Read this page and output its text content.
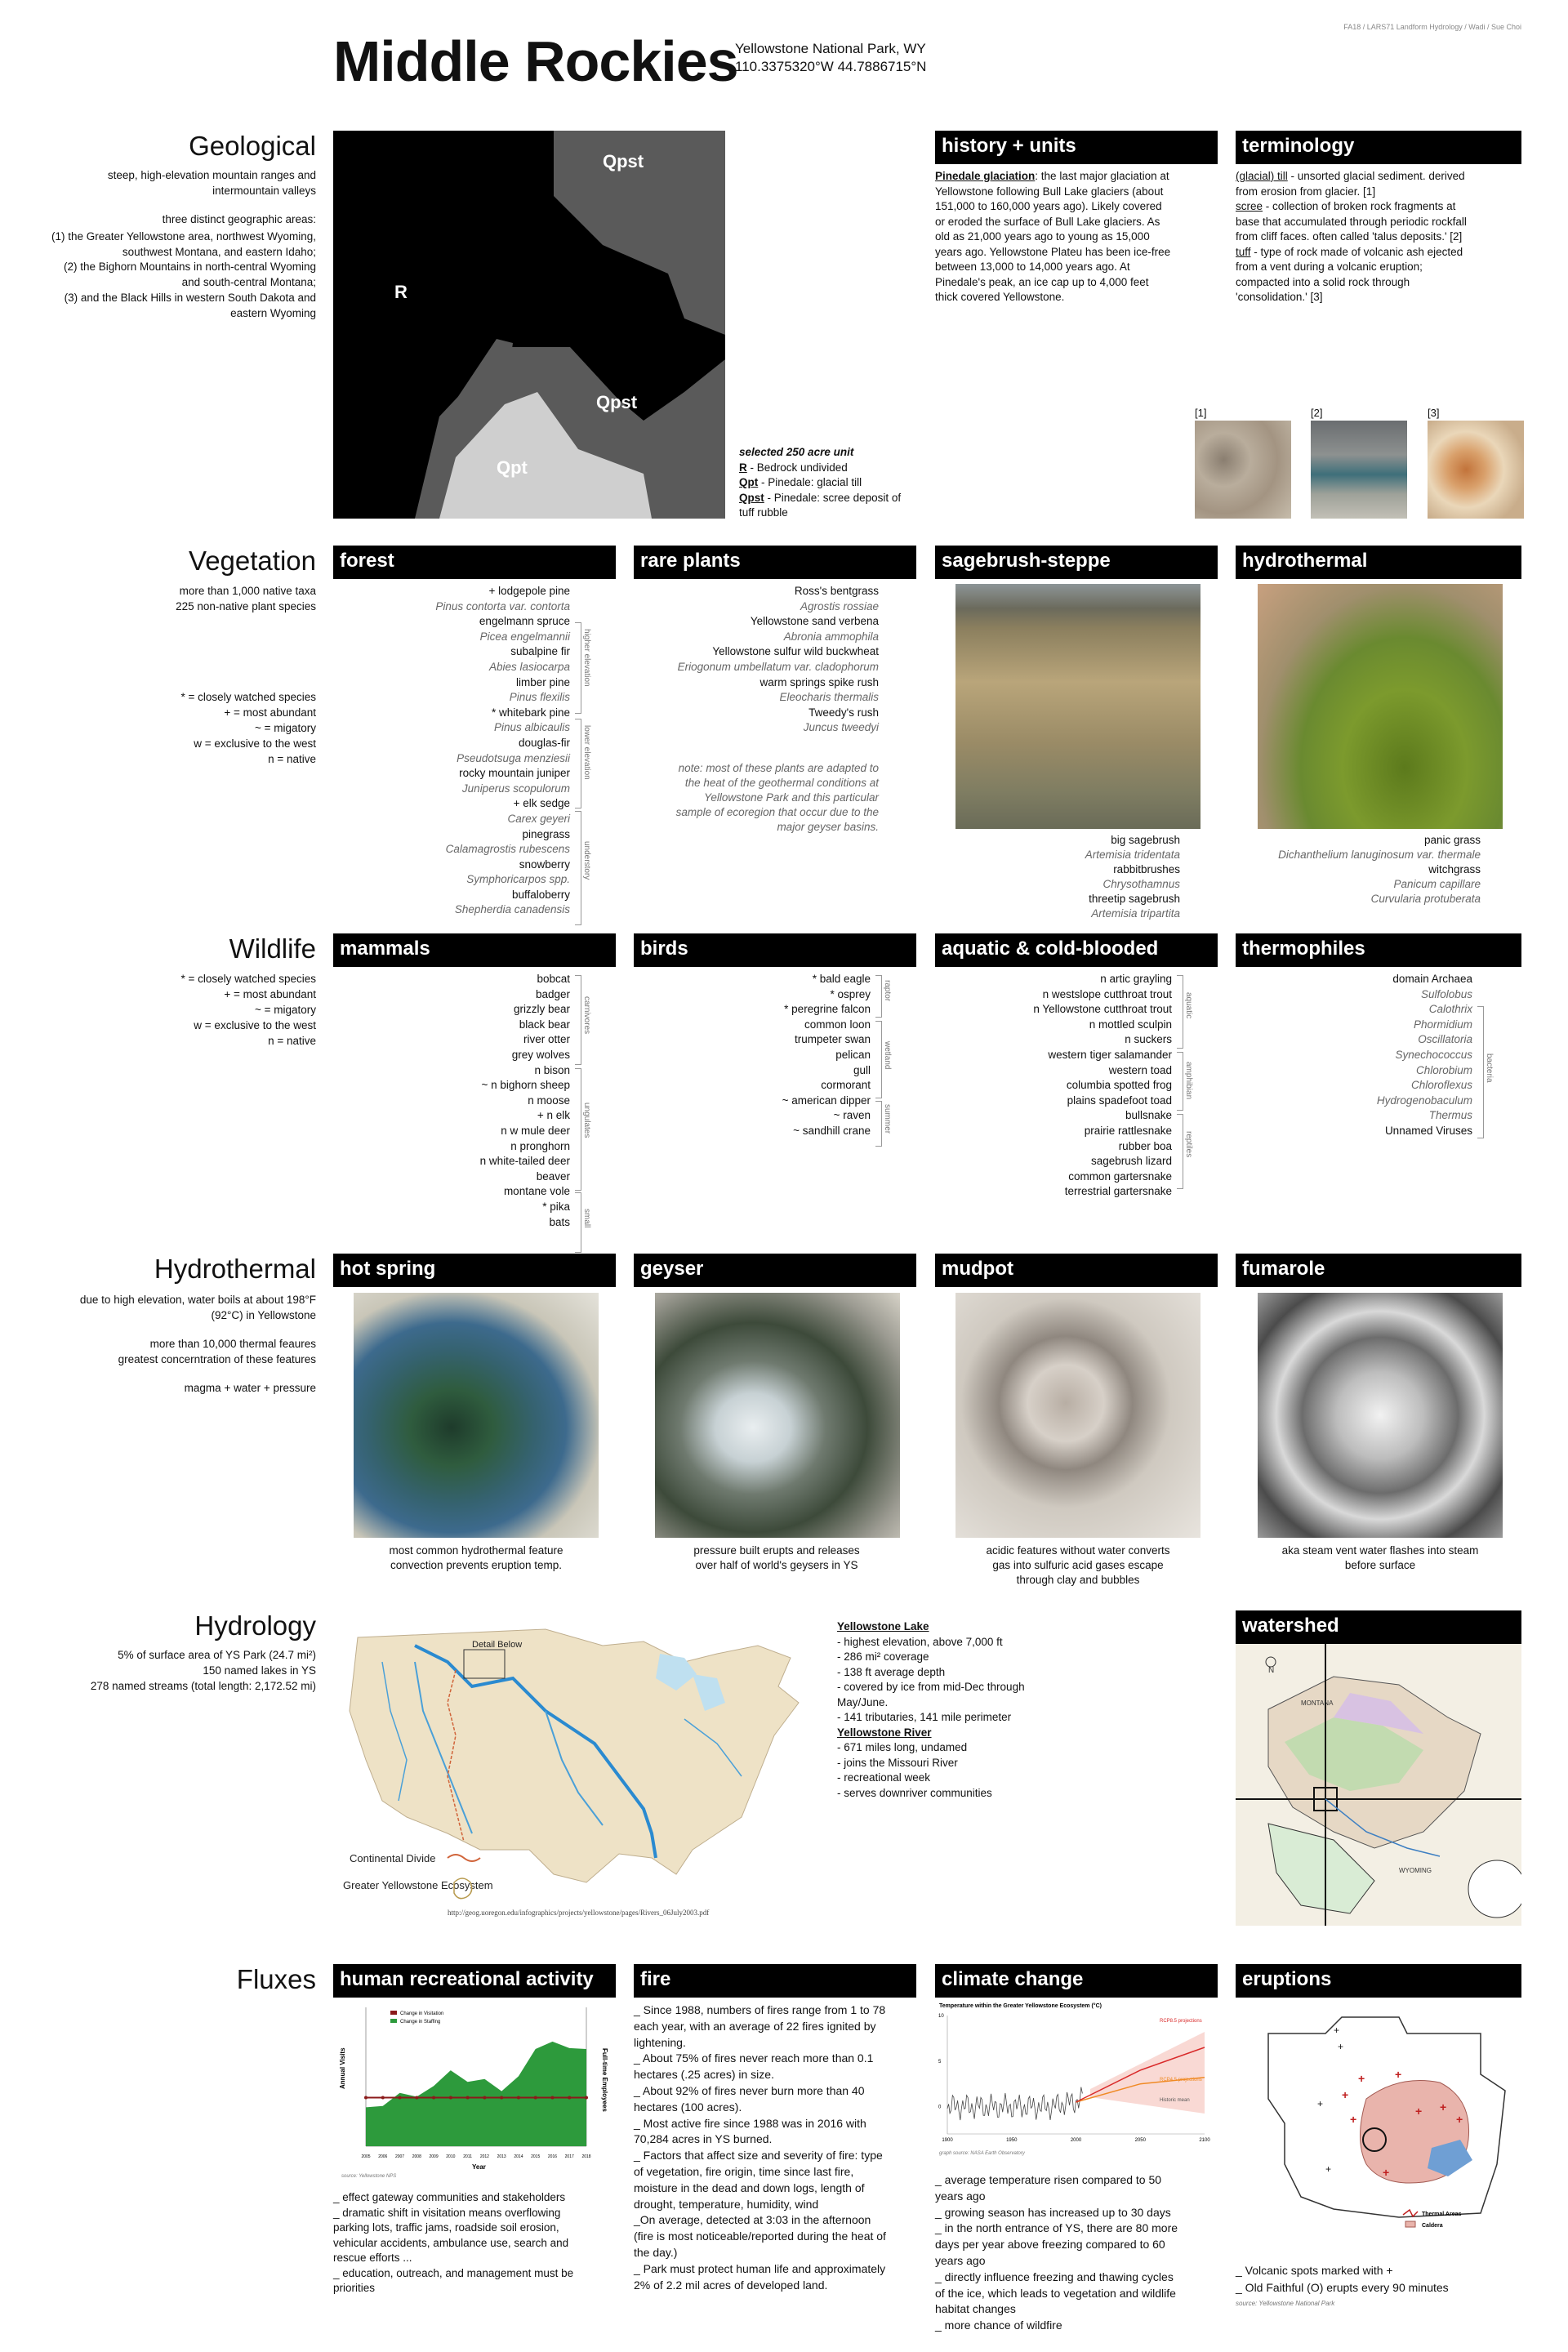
Middle Rockies
Yellowstone National Park, WY
110.3375320°W 44.7886715°N
FA18 / LARS71 Landform Hydrology / Wadi / Sue Choi
Geological

steep, high-elevation mountain ranges and intermountain valleys

three distinct geographic areas:
(1) the Greater Yellowstone area, northwest Wyoming, southwest Montana, and eastern Idaho;
(2) the Bighorn Mountains in north-central Wyoming and south-central Montana;
(3) and the Black Hills in western South Dakota and eastern Wyoming
Qpst
R
Qpst
Qpt
selected 250 acre unit
R - Bedrock undivided
Qpt - Pinedale: glacial till
Qpst - Pinedale: scree deposit of tuff rubble
history + units
Pinedale glaciation: the last major glaciation at Yellowstone following Bull Lake glaciers (about 151,000 to 160,000 years ago). Likely covered or eroded the surface of Bull Lake glaciers. As old as 21,000 years ago to young as 15,000 years ago. Yellowstone Plateu has been ice-free between 13,000 to 14,000 years ago. At Pinedale's peak, an ice cap up to 4,000 feet thick covered Yellowstone.
terminology
(glacial) till - unsorted glacial sediment. derived from erosion from glacier. [1]
scree - collection of broken rock fragments at base that accumulated through periodic rockfall from cliff faces. often called 'talus deposits.' [2]
tuff - type of rock made of volcanic ash ejected from a vent during a volcanic eruption; compacted into a solid rock through 'consolidation.' [3]
[1]	[2]	[3]
Vegetation
more than 1,000 native taxa
225 non-native plant species
* = closely watched species
+ = most abundant
~ = migatory
w = exclusive to the west
n = native
forest
+ lodgepole pine
Pinus contorta var. contorta
engelmann spruce
Picea engelmannii
subalpine fir
Abies lasiocarpa
limber pine
Pinus flexilis
* whitebark pine
Pinus albicaulis
douglas-fir
Pseudotsuga menziesii
rocky mountain juniper
Juniperus scopulorum
+ elk sedge
Carex geyeri
pinegrass
Calamagrostis rubescens
snowberry
Symphoricarpos spp.
buffaloberry
Shepherdia canadensis
higher elevation
lower elevation
understory
rare plants
Ross's bentgrass
Agrostis rossiae
Yellowstone sand verbena
Abronia ammophila
Yellowstone sulfur wild buckwheat
Eriogonum umbellatum var. cladophorum
warm springs spike rush
Eleocharis thermalis
Tweedy's rush
Juncus tweedyi
note: most of these plants are adapted to the heat of the geothermal conditions at Yellowstone Park and this particular sample of ecoregion that occur due to the major geyser basins.
sagebrush-steppe
big sagebrush
Artemisia tridentata
rabbitbrushes
Chrysothamnus
threetip sagebrush
Artemisia tripartita
hydrothermal
panic grass
Dichanthelium lanuginosum var. thermale
witchgrass
Panicum capillare
Curvularia protuberata
Wildlife
* = closely watched species
+ = most abundant
~ = migatory
w = exclusive to the west
n = native
mammals
bobcat
badger
grizzly bear
black bear
river otter
grey wolves
n bison
~ n bighorn sheep
n moose
+ n elk
n w mule deer
n pronghorn
n white-tailed deer
beaver
montane vole
* pika
bats
carnivores
ungulates
small
birds
* bald eagle
* osprey
* peregrine falcon
common loon
trumpeter swan
pelican
gull
cormorant
~ american dipper
~ raven
~ sandhill crane
raptor
wetland
summer
aquatic & cold-blooded
n artic grayling
n westslope cutthroat trout
n Yellowstone cutthroat trout
n mottled sculpin
n suckers
western tiger salamander
western toad
columbia spotted frog
plains spadefoot toad
bullsnake
prairie rattlesnake
rubber boa
sagebrush lizard
common gartersnake
terrestrial gartersnake
aquatic
amphibian
reptiles
thermophiles
domain Archaea
Sulfolobus
Calothrix
Phormidium
Oscillatoria
Synechococcus
Chlorobium
Chloroflexus
Hydrogenobaculum
Thermus
Unnamed Viruses
bacteria
Hydrothermal

due to high elevation, water boils at about 198°F (92°C) in Yellowstone

more than 10,000 thermal feaures
greatest concerntration of these features
magma + water + pressure
hot spring
most common hydrothermal feature convection prevents eruption temp.
geyser
pressure built erupts and releases over half of world's geysers in YS
mudpot
acidic features without water converts gas into sulfuric acid gases escape through clay and bubbles
fumarole
aka steam vent water flashes into steam before surface
Hydrology
5% of surface area of YS Park (24.7 mi²)
150 named lakes in YS
278 named streams (total length: 2,172.52 mi)
Detail Below
Continental Divide
Greater Yellowstone Ecosystem
http://geog.uoregon.edu/infographics/projects/yellowstone/pages/Rivers_06July2003.pdf
Yellowstone Lake
- highest elevation, above 7,000 ft
- 286 mi² coverage
- 138 ft average depth
- covered by ice from mid-Dec through May/June.
- 141 tributaries, 141 mile perimeter
Yellowstone River
- 671 miles long, undamed
- joins the Missouri River
- recreational week
- serves downriver communities
watershed
MONTANA
WYOMING
N
Fluxes	human recreational activity
Change in Visitation
Change in Staffing
Annual Visits	Full-time Employees
Year
2005 2006 2007 2008 2009 2010 2011 2012 2013 2014 2015 2016 2017 2018
source: Yellowstone NPS
_ effect gateway communities and stakeholders
_ dramatic shift in visitation means overflowing parking lots, traffic jams, roadside soil erosion, vehicular accidents, ambulance use, search and rescue efforts ...
_ education, outreach, and management must be priorities
fire
_ Since 1988, numbers of fires range from 1 to 78 each year, with an average of 22 fires ignited by lightening.
_ About 75% of fires never reach more than 0.1 hectares (.25 acres) in size.
_ About 92% of fires never burn more than 40 hectares (100 acres).
_ Most active fire since 1988 was in 2016 with 70,284 acres in YS burned.
_ Factors that affect size and severity of fire: type of vegetation, fire origin, time since last fire, moisture in the dead and down logs, length of drought, temperature, humidity, wind
_On average, detected at 3:03 in the afternoon (fire is most noticeable/reported during the heat of the day.)
_ Park must protect human life and approximately 2% of 2.2 mil acres of developed land.
climate change
Temperature within the Greater Yellowstone Ecosystem (°C)
RCP8.5 projections
RCP4.5 projections
Historic mean
1900	1950	2000	2050	2100
10
5
0
graph source: NASA Earth Observatory
_ average temperature risen compared to 50 years ago
_ growing season has increased up to 30 days
_ in the north entrance of YS, there are 80 more days per year above freezing compared to 60 years ago
_ directly influence freezing and thawing cycles of the ice, which leads to vegetation and wildlife habitat changes
_ more chance of wildfire
eruptions
+
+	+
+
+
+
+
+
+
+
+
+
Thermal Areas
Caldera
_ Volcanic spots marked with +
_ Old Faithful (O) erupts every 90 minutes
source: Yellowstone National Park
